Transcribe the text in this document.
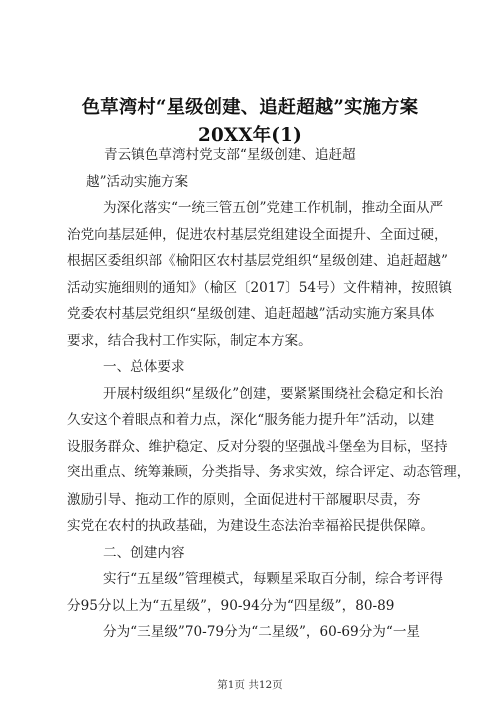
色草湾村“星级创建、追赶超越”实施方案
20XX年(1)
青云镇色草湾村党支部“星级创建、追赶超
越”活动实施方案
为深化落实“一统三管五创”党建工作机制，推动全面从严
治党向基层延伸，促进农村基层党组建设全面提升、全面过硬，
根据区委组织部《榆阳区农村基层党组织“星级创建、追赶超越”
活动实施细则的通知》（榆区〔2017〕54号）文件精神，按照镇
党委农村基层党组织“星级创建、追赶超越”活动实施方案具体
要求，结合我村工作实际，制定本方案。
一、总体要求
开展村级组织“星级化”创建，要紧紧围绕社会稳定和长治
久安这个着眼点和着力点，深化“服务能力提升年”活动，以建
设服务群众、维护稳定、反对分裂的坚强战斗堡垒为目标，坚持
突出重点、统筹兼顾，分类指导、务求实效，综合评定、动态管理，
激励引导、拖动工作的原则，全面促进村干部履职尽责，夯
实党在农村的执政基础，为建设生态法治幸福裕民提供保障。
二、创建内容
实行“五星级”管理模式，每颗星采取百分制，综合考评得
分95分以上为“五星级”，90-94分为“四星级”，80-89
分为“三星级”70-79分为“二星级”，60-69分为“一星
第1页 共12页
